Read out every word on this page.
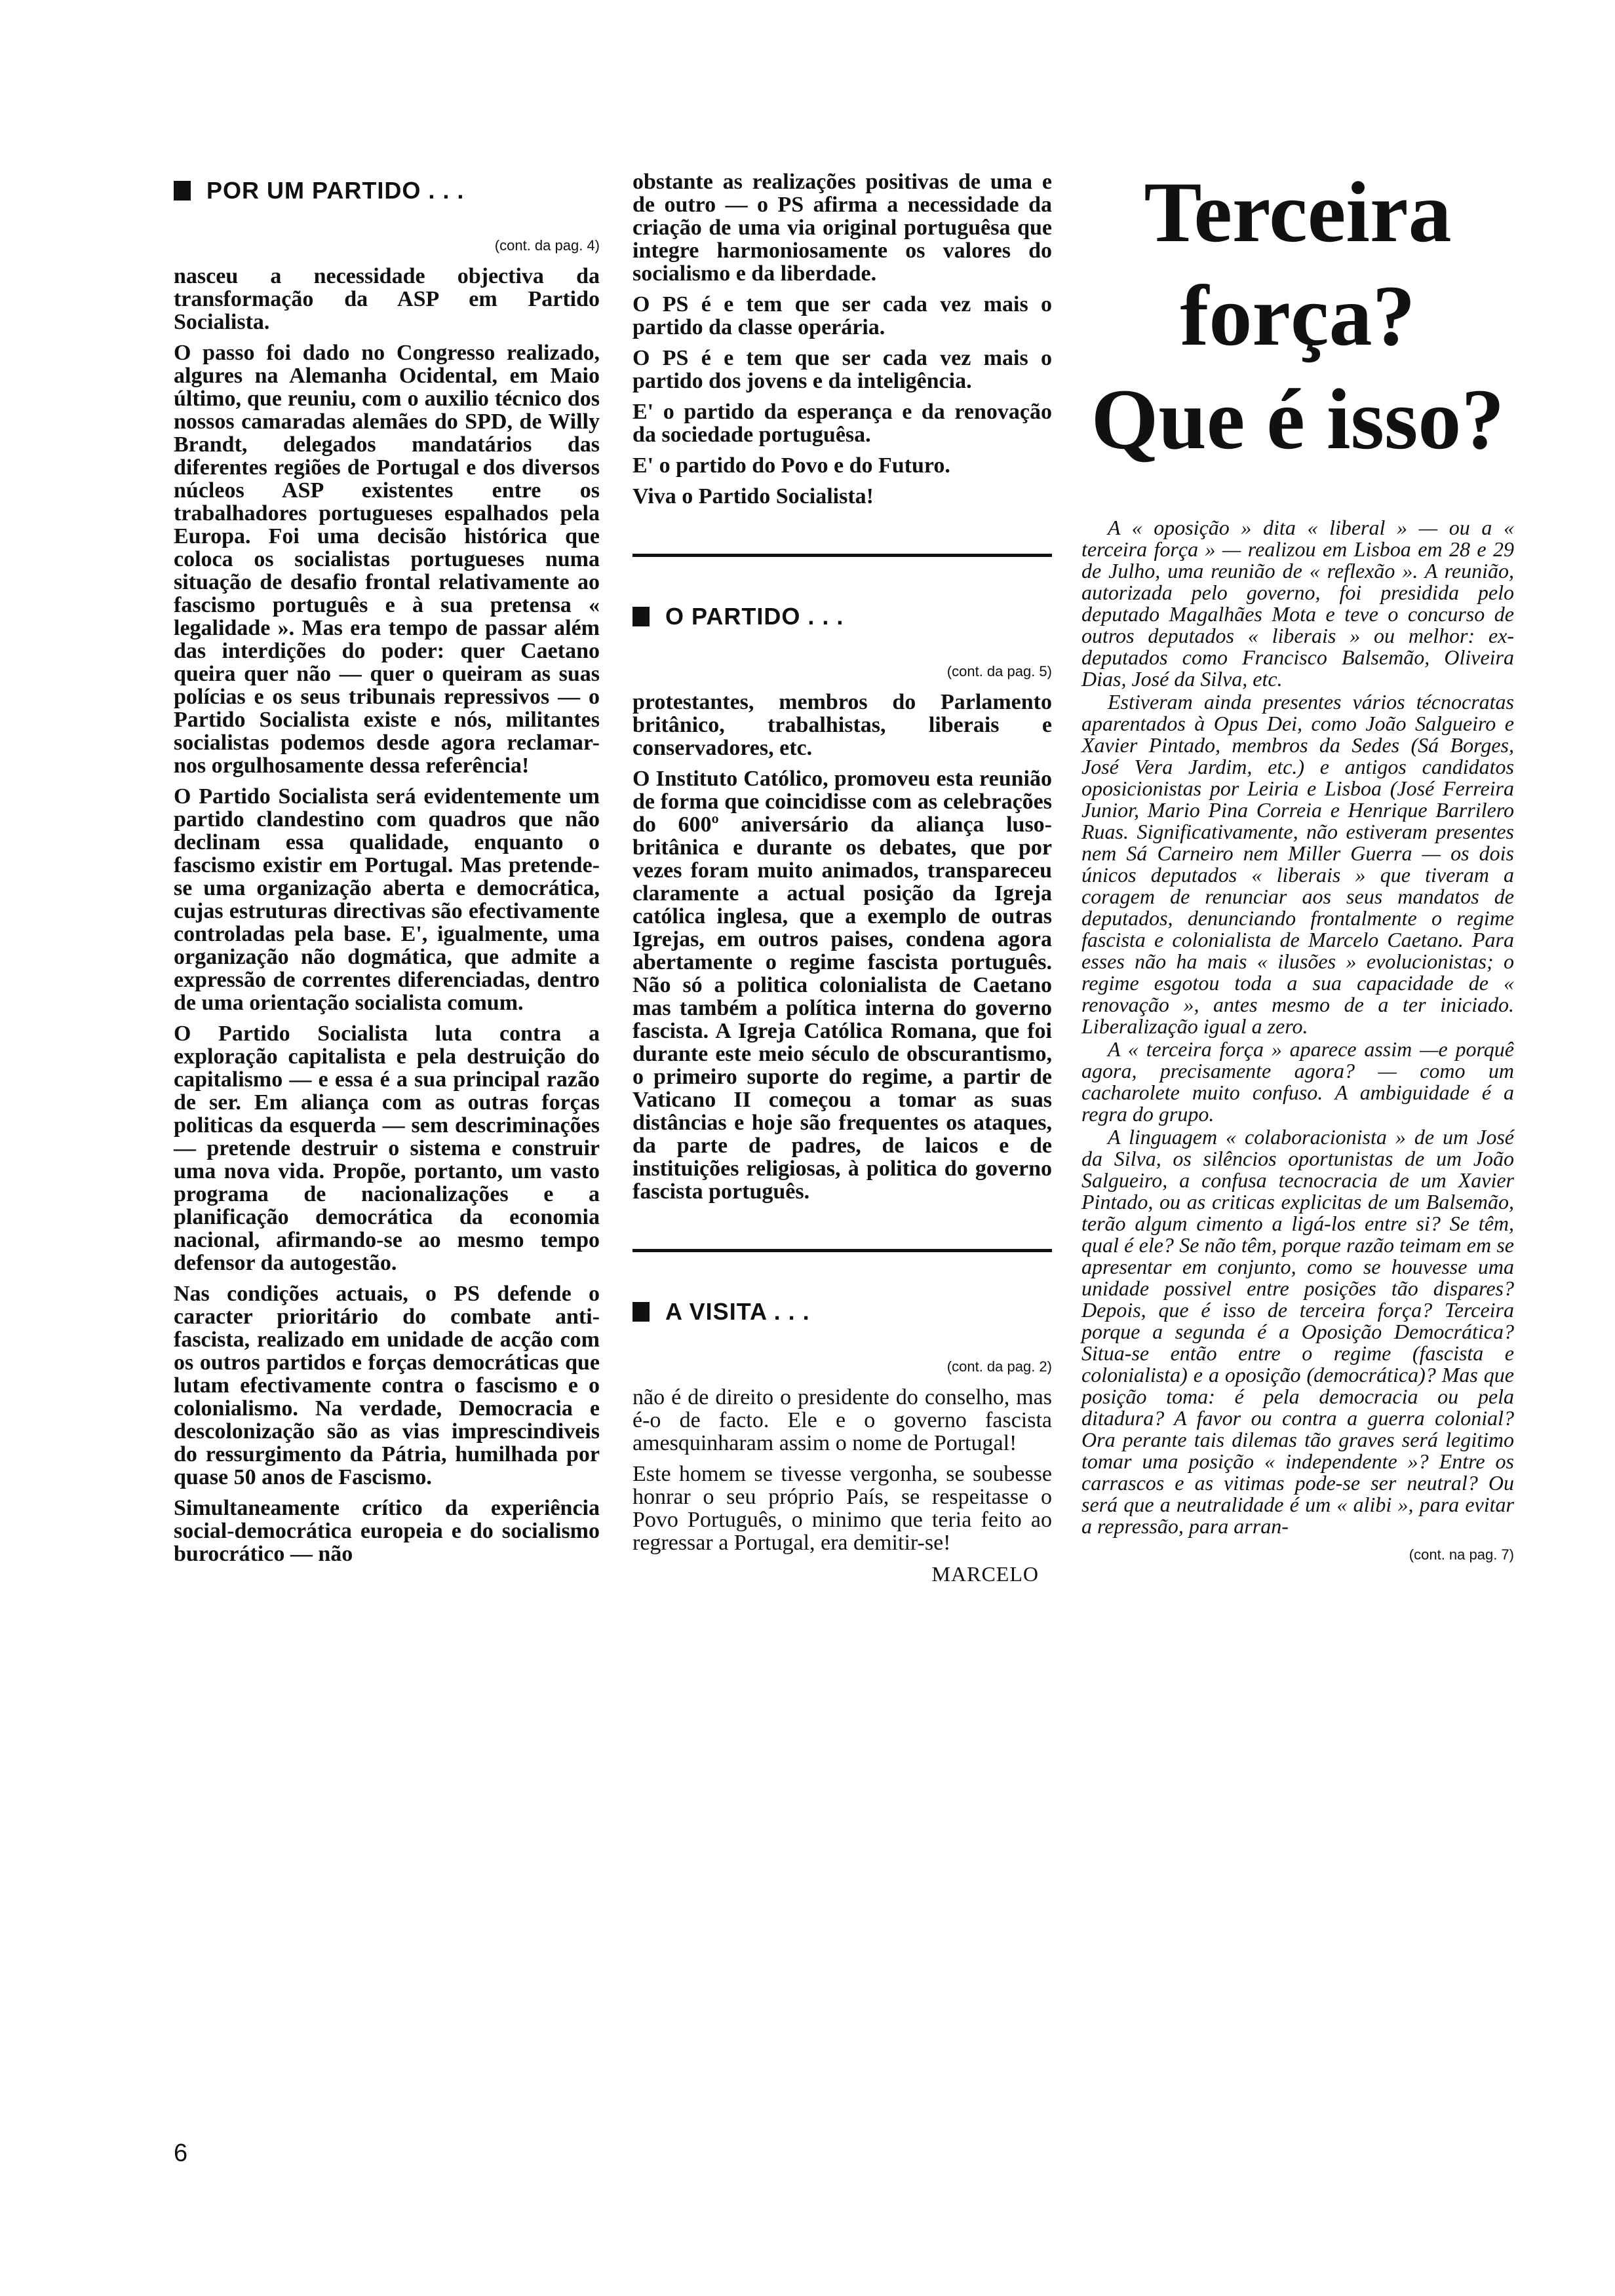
POR UM PARTIDO . . .
(cont. da pag. 4)

nasceu a necessidade objectiva da transformação da ASP em Partido Socialista.

O passo foi dado no Congresso realizado, algures na Alemanha Ocidental, em Maio último, que reuniu, com o auxilio técnico dos nossos camaradas alemães do SPD, de Willy Brandt, delegados mandatários das diferentes regiões de Portugal e dos diversos núcleos ASP existentes entre os trabalhadores portugueses espalhados pela Europa. Foi uma decisão histórica que coloca os socialistas portugueses numa situação de desafio frontal relativamente ao fascismo português e à sua pretensa « legalidade ». Mas era tempo de passar além das interdições do poder: quer Caetano queira quer não — quer o queiram as suas polícias e os seus tribunais repressivos — o Partido Socialista existe e nós, militantes socialistas podemos desde agora reclamar-nos orgulhosamente dessa referência!

O Partido Socialista será evidentemente um partido clandestino com quadros que não declinam essa qualidade, enquanto o fascismo existir em Portugal. Mas pretende-se uma organização aberta e democrática, cujas estruturas directivas são efectivamente controladas pela base. E', igualmente, uma organização não dogmática, que admite a expressão de correntes diferenciadas, dentro de uma orientação socialista comum.

O Partido Socialista luta contra a exploração capitalista e pela destruição do capitalismo — e essa é a sua principal razão de ser. Em aliança com as outras forças politicas da esquerda — sem descriminações — pretende destruir o sistema e construir uma nova vida. Propõe, portanto, um vasto programa de nacionalizações e a planificação democrática da economia nacional, afirmando-se ao mesmo tempo defensor da autogestão.

Nas condições actuais, o PS defende o caracter prioritário do combate anti-fascista, realizado em unidade de acção com os outros partidos e forças democráticas que lutam efectivamente contra o fascismo e o colonialismo. Na verdade, Democracia e descolonização são as vias imprescindiveis do ressurgimento da Pátria, humilhada por quase 50 anos de Fascismo.

Simultaneamente crítico da experiência social-democrática europeia e do socialismo burocrático — não

obstante as realizações positivas de uma e de outro — o PS afirma a necessidade da criação de uma via original portuguêsa que integre harmoniosamente os valores do socialismo e da liberdade.

O PS é e tem que ser cada vez mais o partido da classe operária.

O PS é e tem que ser cada vez mais o partido dos jovens e da inteligência.

E' o partido da esperança e da renovação da sociedade portuguêsa.

E' o partido do Povo e do Futuro.

Viva o Partido Socialista!

O PARTIDO . . .
(cont. da pag. 5)

protestantes, membros do Parlamento britânico, trabalhistas, liberais e conservadores, etc.

O Instituto Católico, promoveu esta reunião de forma que coincidisse com as celebrações do 600º aniversário da aliança luso-britânica e durante os debates, que por vezes foram muito animados, transpareceu claramente a actual posição da Igreja católica inglesa, que a exemplo de outras Igrejas, em outros paises, condena agora abertamente o regime fascista português. Não só a politica colonialista de Caetano mas também a política interna do governo fascista. A Igreja Católica Romana, que foi durante este meio século de obscurantismo, o primeiro suporte do regime, a partir de Vaticano II começou a tomar as suas distâncias e hoje são frequentes os ataques, da parte de padres, de laicos e de instituições religiosas, à politica do governo fascista português.

A VISITA . . .
(cont. da pag. 2)

não é de direito o presidente do conselho, mas é-o de facto. Ele e o governo fascista amesquinharam assim o nome de Portugal!

Este homem se tivesse vergonha, se soubesse honrar o seu próprio País, se respeitasse o Povo Português, o minimo que teria feito ao regressar a Portugal, era demitir-se!

MARCELO
Terceira
força?
Que é isso?

A « oposição » dita « liberal » — ou a « terceira força » — realizou em Lisboa em 28 e 29 de Julho, uma reunião de « reflexão ». A reunião, autorizada pelo governo, foi presidida pelo deputado Magalhães Mota e teve o concurso de outros deputados « liberais » ou melhor: ex-deputados como Francisco Balsemão, Oliveira Dias, José da Silva, etc.

Estiveram ainda presentes vários técnocratas aparentados à Opus Dei, como João Salgueiro e Xavier Pintado, membros da Sedes (Sá Borges, José Vera Jardim, etc.) e antigos candidatos oposicionistas por Leiria e Lisboa (José Ferreira Junior, Mario Pina Correia e Henrique Barrilero Ruas. Significativamente, não estiveram presentes nem Sá Carneiro nem Miller Guerra — os dois únicos deputados « liberais » que tiveram a coragem de renunciar aos seus mandatos de deputados, denunciando frontalmente o regime fascista e colonialista de Marcelo Caetano. Para esses não ha mais « ilusões » evolucionistas; o regime esgotou toda a sua capacidade de « renovação », antes mesmo de a ter iniciado. Liberalização igual a zero.

A « terceira força » aparece assim —e porquê agora, precisamente agora? — como um cacharolete muito confuso. A ambiguidade é a regra do grupo.

A linguagem « colaboracionista » de um José da Silva, os silêncios oportunistas de um João Salgueiro, a confusa tecnocracia de um Xavier Pintado, ou as criticas explicitas de um Balsemão, terão algum cimento a ligá-los entre si? Se têm, qual é ele? Se não têm, porque razão teimam em se apresentar em conjunto, como se houvesse uma unidade possivel entre posições tão dispares? Depois, que é isso de terceira força? Terceira porque a segunda é a Oposição Democrática? Situa-se então entre o regime (fascista e colonialista) e a oposição (democrática)? Mas que posição toma: é pela democracia ou pela ditadura? A favor ou contra a guerra colonial? Ora perante tais dilemas tão graves será legitimo tomar uma posição « independente »? Entre os carrascos e as vitimas pode-se ser neutral? Ou será que a neutralidade é um « alibi », para evitar a repressão, para arran-

(cont. na pag. 7)
6
